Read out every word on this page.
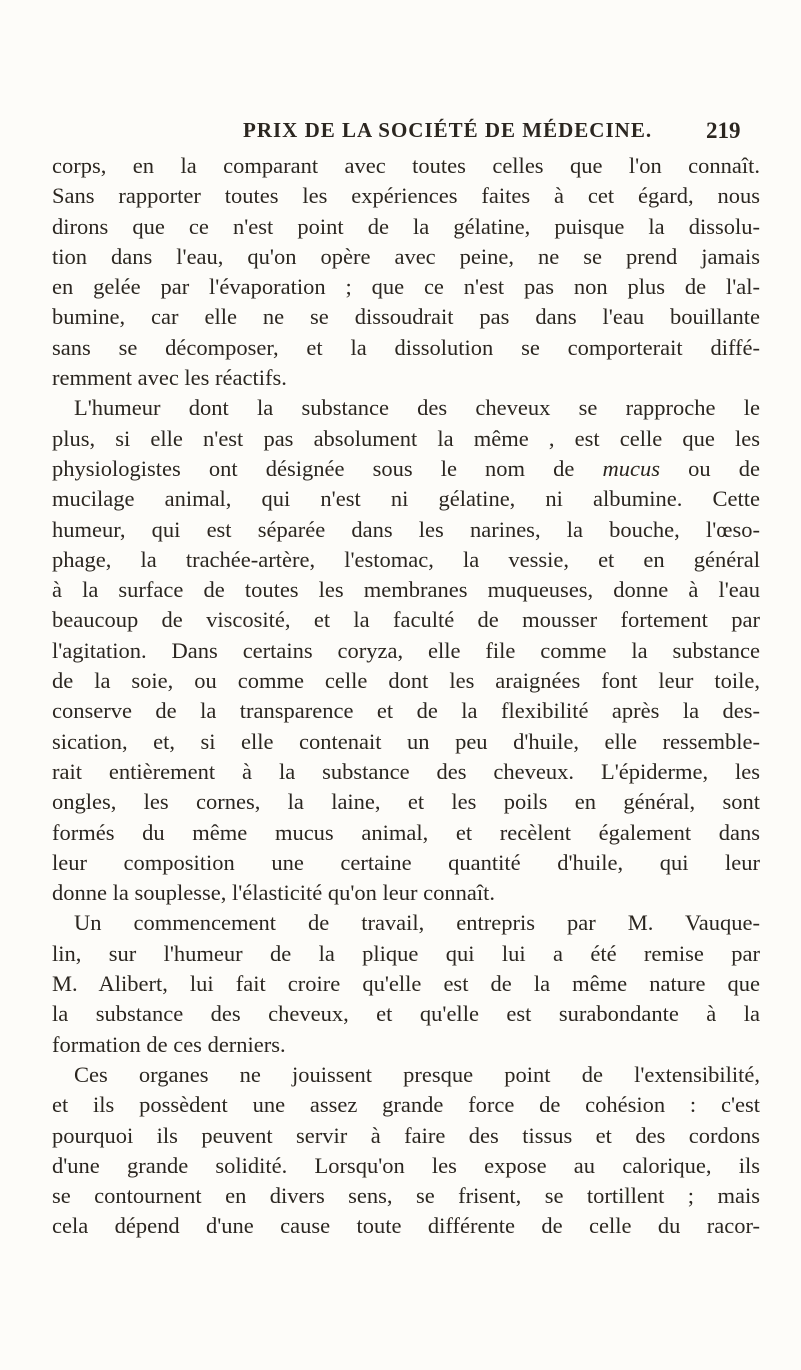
PRIX DE LA SOCIÉTÉ DE MÉDECINE. 219
corps, en la comparant avec toutes celles que l'on connaît.
Sans rapporter toutes les expériences faites à cet égard, nous
dirons que ce n'est point de la gélatine, puisque la dissolu-
tion dans l'eau, qu'on opère avec peine, ne se prend jamais
en gelée par l'évaporation ; que ce n'est pas non plus de l'al-
bumine, car elle ne se dissoudrait pas dans l'eau bouillante
sans se décomposer, et la dissolution se comporterait diffé-
remment avec les réactifs.
L'humeur dont la substance des cheveux se rapproche le
plus, si elle n'est pas absolument la même , est celle que les
physiologistes ont désignée sous le nom de mucus ou de
mucilage animal, qui n'est ni gélatine, ni albumine. Cette
humeur, qui est séparée dans les narines, la bouche, l'œso-
phage, la trachée-artère, l'estomac, la vessie, et en général
à la surface de toutes les membranes muqueuses, donne à l'eau
beaucoup de viscosité, et la faculté de mousser fortement par
l'agitation. Dans certains coryza, elle file comme la substance
de la soie, ou comme celle dont les araignées font leur toile,
conserve de la transparence et de la flexibilité après la des-
sication, et, si elle contenait un peu d'huile, elle ressemble-
rait entièrement à la substance des cheveux. L'épiderme, les
ongles, les cornes, la laine, et les poils en général, sont
formés du même mucus animal, et recèlent également dans
leur composition une certaine quantité d'huile, qui leur
donne la souplesse, l'élasticité qu'on leur connaît.
Un commencement de travail, entrepris par M. Vauque-
lin, sur l'humeur de la plique qui lui a été remise par
M. Alibert, lui fait croire qu'elle est de la même nature que
la substance des cheveux, et qu'elle est surabondante à la
formation de ces derniers.
Ces organes ne jouissent presque point de l'extensibilité,
et ils possèdent une assez grande force de cohésion : c'est
pourquoi ils peuvent servir à faire des tissus et des cordons
d'une grande solidité. Lorsqu'on les expose au calorique, ils
se contournent en divers sens, se frisent, se tortillent ; mais
cela dépend d'une cause toute différente de celle du racor-
